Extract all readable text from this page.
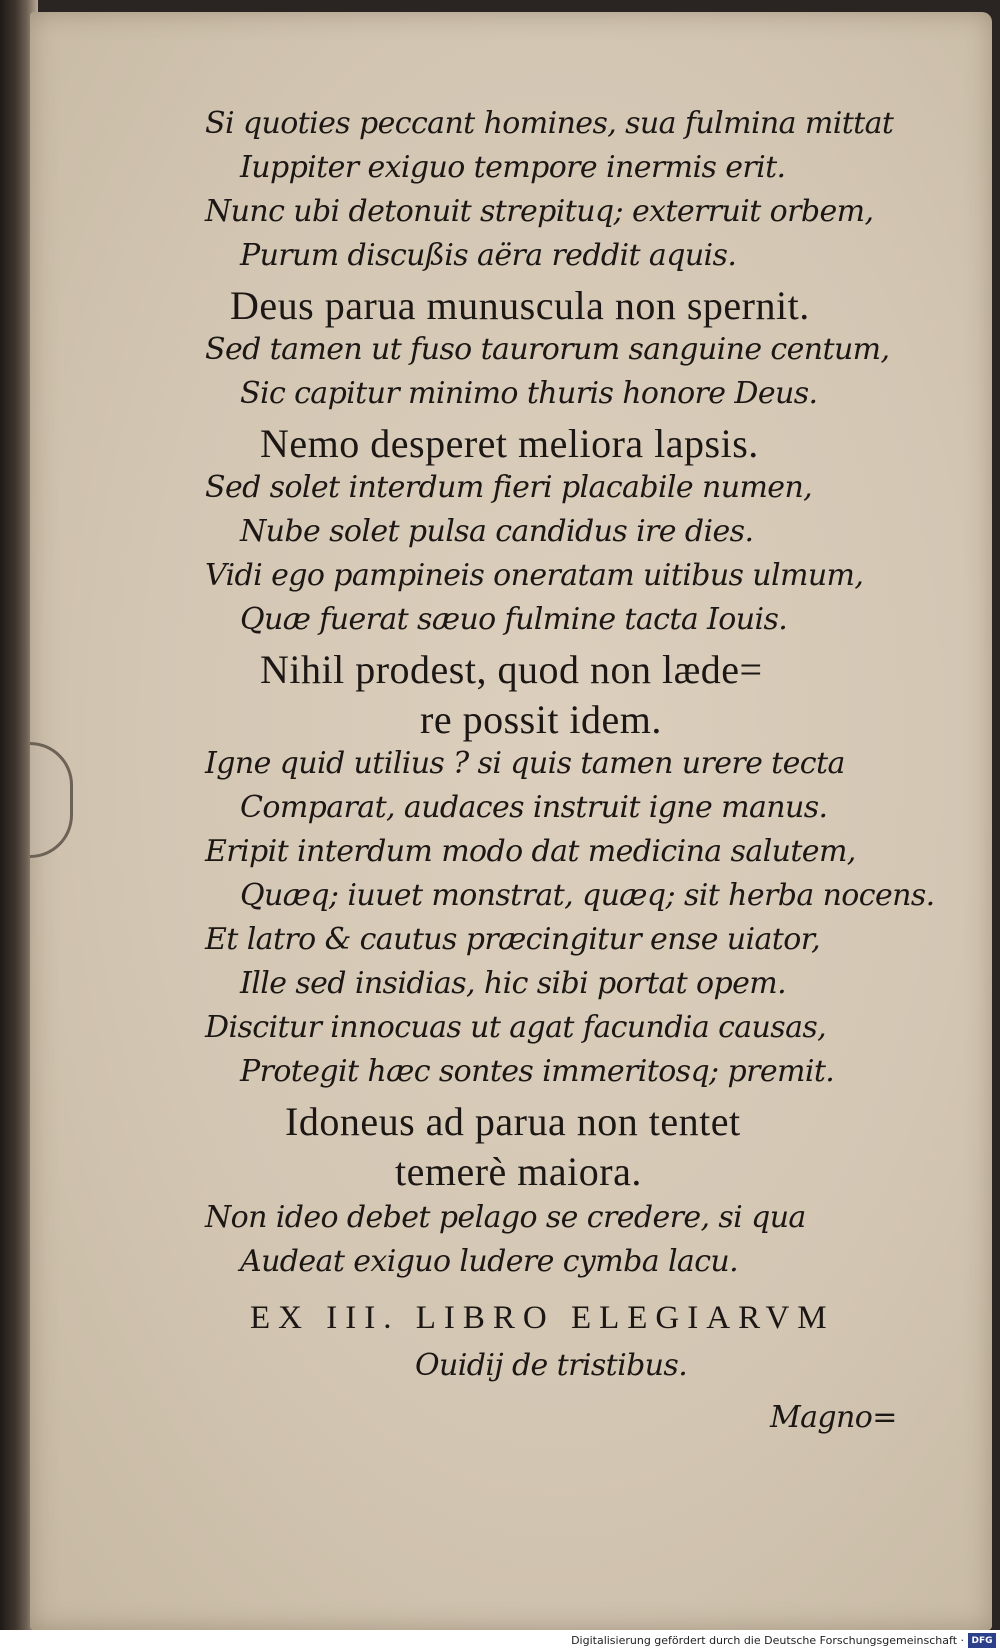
Si quoties peccant homines, sua fulmina mittat
Iuppiter exiguo tempore inermis erit.
Nunc ubi detonuit strepituq; exterruit orbem,
Purum discußis aëra reddit aquis.
Deus parua munuscula non spernit.
Sed tamen ut fuso taurorum sanguine centum,
Sic capitur minimo thuris honore Deus.
Nemo desperet meliora lapsis.
Sed solet interdum fieri placabile numen,
Nube solet pulsa candidus ire dies.
Vidi ego pampineis oneratam uitibus ulmum,
Quæ fuerat sæuo fulmine tacta Iouis.
Nihil prodest, quod non læde=
re possit idem.
Igne quid utilius ? si quis tamen urere tecta
Comparat, audaces instruit igne manus.
Eripit interdum modo dat medicina salutem,
Quæq; iuuet monstrat, quæq; sit herba nocens.
Et latro & cautus præcingitur ense uiator,
Ille sed insidias, hic sibi portat opem.
Discitur innocuas ut agat facundia causas,
Protegit hæc sontes immeritosq; premit.
Idoneus ad parua non tentet
temerè maiora.
Non ideo debet pelago se credere, si qua
Audeat exiguo ludere cymba lacu.
EX III. LIBRO ELEGIARVM
Ouidij de tristibus.
Magno=
Digitalisierung gefördert durch die Deutsche Forschungsgemeinschaft · DFG
